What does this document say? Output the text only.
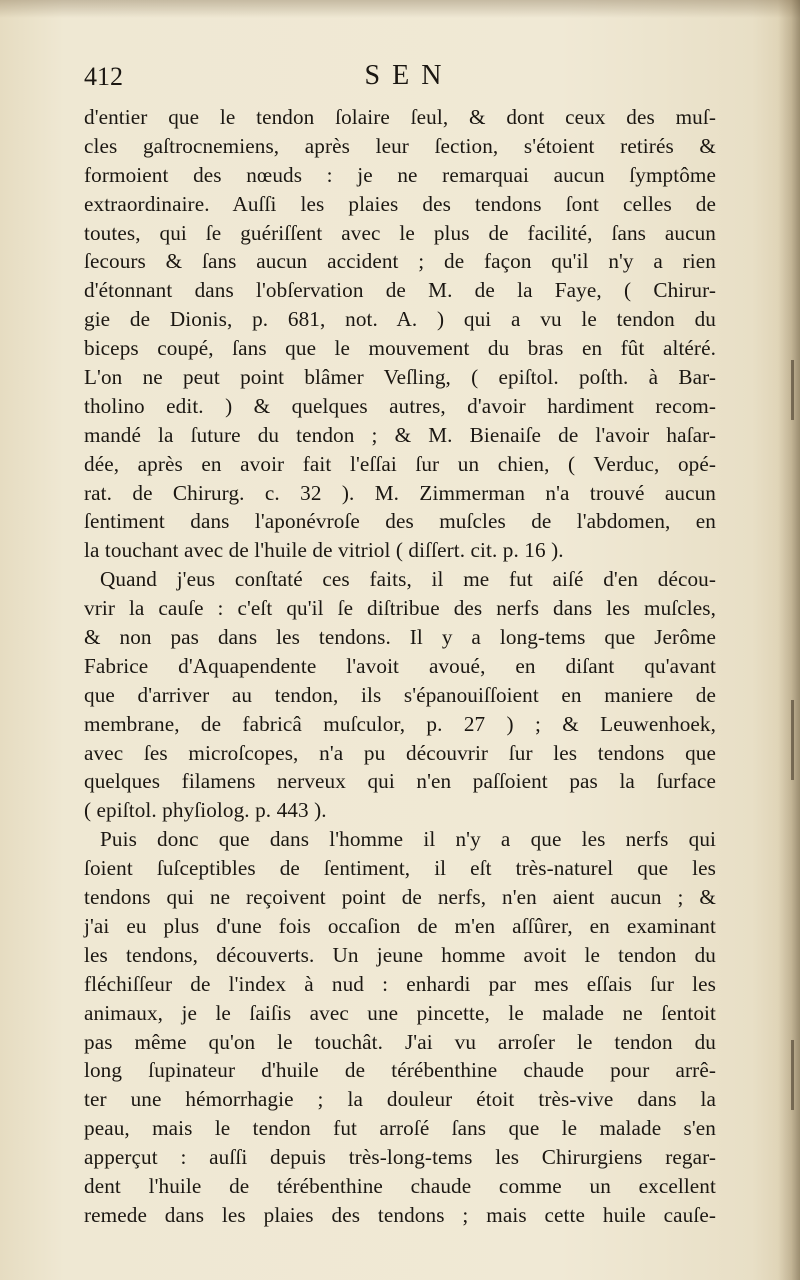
412	SEN
d'entier que le tendon ſolaire ſeul, & dont ceux des muſ-
cles gaſtrocnemiens, après leur ſection, s'étoient retirés &
formoient des nœuds : je ne remarquai aucun ſymptôme
extraordinaire. Auſſi les plaies des tendons ſont celles de
toutes, qui ſe guériſſent avec le plus de facilité, ſans aucun
ſecours & ſans aucun accident ; de façon qu'il n'y a rien
d'étonnant dans l'obſervation de M. de la Faye, ( Chirur-
gie de Dionis, p. 681, not. A. ) qui a vu le tendon du
biceps coupé, ſans que le mouvement du bras en fût altéré.
L'on ne peut point blâmer Veſling, ( epiſtol. poſth. à Bar-
tholino edit. ) & quelques autres, d'avoir hardiment recom-
mandé la ſuture du tendon ; & M. Bienaiſe de l'avoir haſar-
dée, après en avoir fait l'eſſai ſur un chien, ( Verduc, opé-
rat. de Chirurg. c. 32 ). M. Zimmerman n'a trouvé aucun
ſentiment dans l'aponévroſe des muſcles de l'abdomen, en
la touchant avec de l'huile de vitriol ( diſſert. cit. p. 16 ).
Quand j'eus conſtaté ces faits, il me fut aiſé d'en décou-
vrir la cauſe : c'eſt qu'il ſe diſtribue des nerfs dans les muſcles,
& non pas dans les tendons. Il y a long-tems que Jerôme
Fabrice d'Aquapendente l'avoit avoué, en diſant qu'avant
que d'arriver au tendon, ils s'épanouiſſoient en maniere de
membrane, de fabricâ muſculor, p. 27 ) ; & Leuwenhoek,
avec ſes microſcopes, n'a pu découvrir ſur les tendons que
quelques filamens nerveux qui n'en paſſoient pas la ſurface
( epiſtol. phyſiolog. p. 443 ).
Puis donc que dans l'homme il n'y a que les nerfs qui
ſoient ſuſceptibles de ſentiment, il eſt très-naturel que les
tendons qui ne reçoivent point de nerfs, n'en aient aucun ; &
j'ai eu plus d'une fois occaſion de m'en aſſûrer, en examinant
les tendons, découverts. Un jeune homme avoit le tendon du
fléchiſſeur de l'index à nud : enhardi par mes eſſais ſur les
animaux, je le ſaiſis avec une pincette, le malade ne ſentoit
pas même qu'on le touchât. J'ai vu arroſer le tendon du
long ſupinateur d'huile de térébenthine chaude pour arrê-
ter une hémorrhagie ; la douleur étoit très-vive dans la
peau, mais le tendon fut arroſé ſans que le malade s'en
apperçut : auſſi depuis très-long-tems les Chirurgiens regar-
dent l'huile de térébenthine chaude comme un excellent
remede dans les plaies des tendons ; mais cette huile cauſe-
